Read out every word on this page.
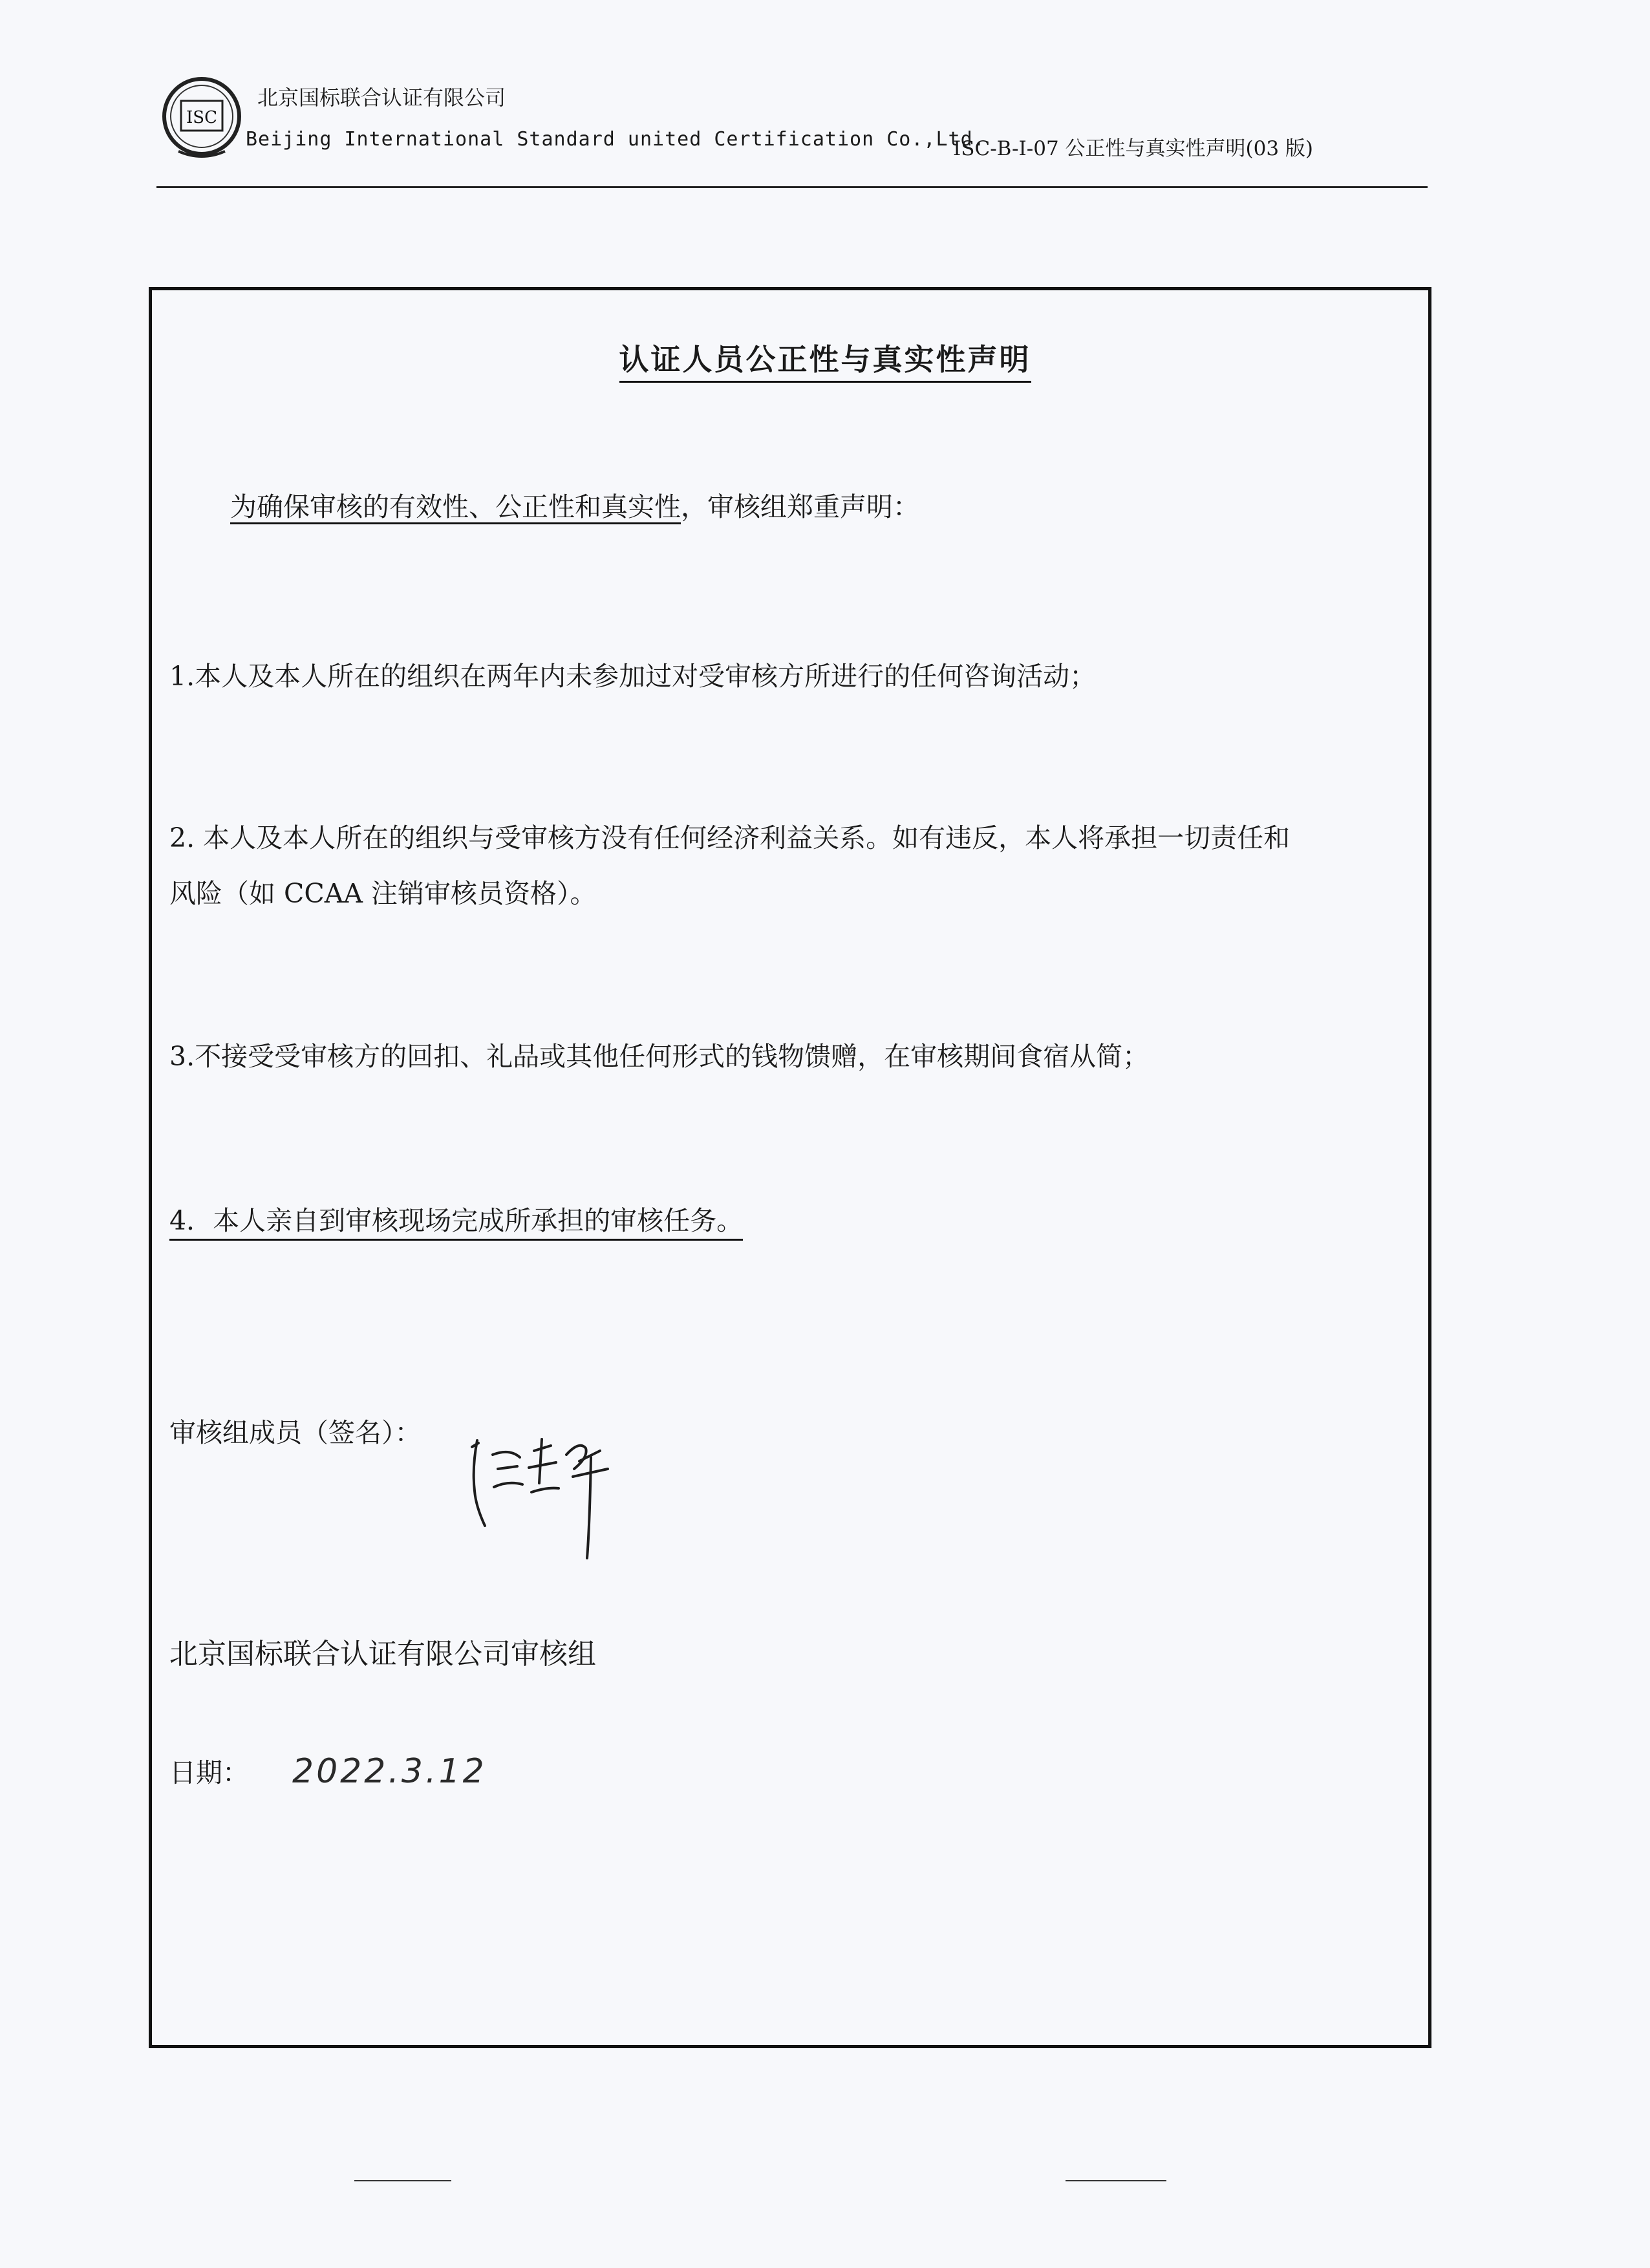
ISC
北京国标联合认证有限公司
Beijing International Standard united Certification Co.,Ltd.
ISC-B-I-07 公正性与真实性声明(03 版)
认证人员公正性与真实性声明
为确保审核的有效性、公正性和真实性，审核组郑重声明：
1.本人及本人所在的组织在两年内未参加过对受审核方所进行的任何咨询活动；
2. 本人及本人所在的组织与受审核方没有任何经济利益关系。如有违反，本人将承担一切责任和
风险（如 CCAA 注销审核员资格）。
3.不接受受审核方的回扣、礼品或其他任何形式的钱物馈赠，在审核期间食宿从简；
4．本人亲自到审核现场完成所承担的审核任务。
审核组成员（签名）：
北京国标联合认证有限公司审核组
日期： 2022.3.12
